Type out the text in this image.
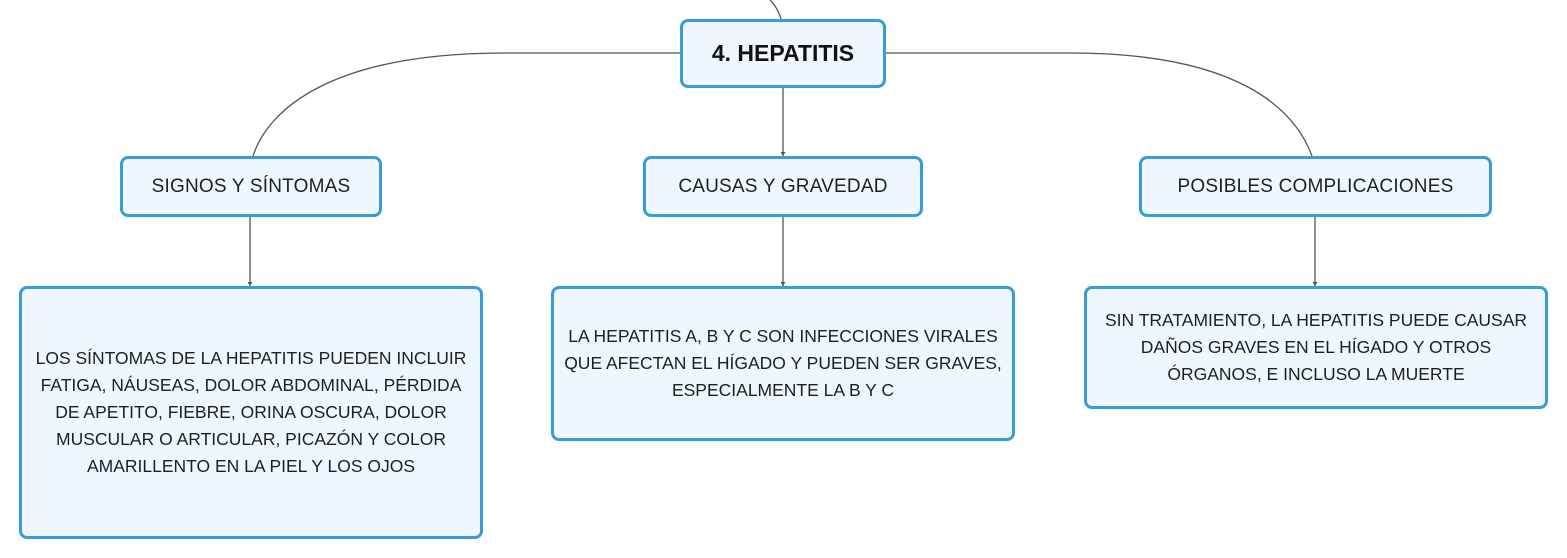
4. HEPATITIS
SIGNOS Y SÍNTOMAS	CAUSAS Y GRAVEDAD	POSIBLES COMPLICACIONES
LOS SÍNTOMAS DE LA HEPATITIS PUEDEN INCLUIR FATIGA, NÁUSEAS, DOLOR ABDOMINAL, PÉRDIDA DE APETITO, FIEBRE, ORINA OSCURA, DOLOR MUSCULAR O ARTICULAR, PICAZÓN Y COLOR AMARILLENTO EN LA PIEL Y LOS OJOS
LA HEPATITIS A, B Y C SON INFECCIONES VIRALES QUE AFECTAN EL HÍGADO Y PUEDEN SER GRAVES, ESPECIALMENTE LA B Y C
SIN TRATAMIENTO, LA HEPATITIS PUEDE CAUSAR DAÑOS GRAVES EN EL HÍGADO Y OTROS ÓRGANOS, E INCLUSO LA MUERTE
